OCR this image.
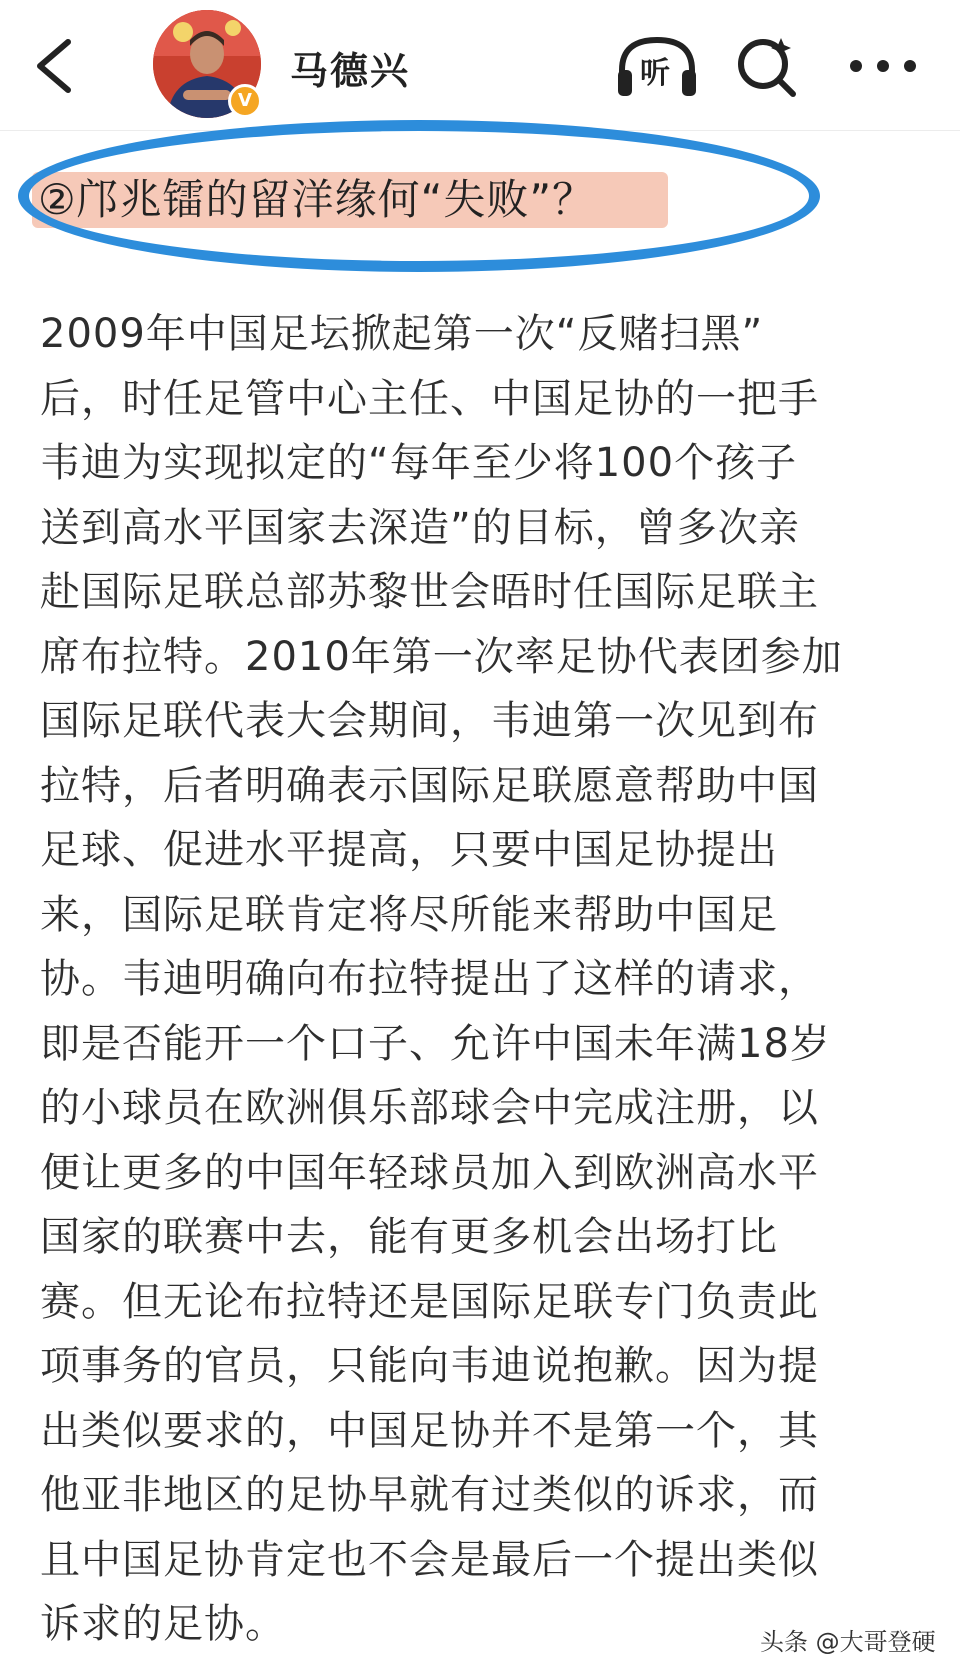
V
马德兴	听
②邝兆镭的留洋缘何“失败”？
2009年中国足坛掀起第一次“反赌扫黑”
后，时任足管中心主任、中国足协的一把手
韦迪为实现拟定的“每年至少将100个孩子
送到高水平国家去深造”的目标，曾多次亲
赴国际足联总部苏黎世会晤时任国际足联主
席布拉特。2010年第一次率足协代表团参加
国际足联代表大会期间，韦迪第一次见到布
拉特，后者明确表示国际足联愿意帮助中国
足球、促进水平提高，只要中国足协提出
来，国际足联肯定将尽所能来帮助中国足
协。韦迪明确向布拉特提出了这样的请求，
即是否能开一个口子、允许中国未年满18岁
的小球员在欧洲俱乐部球会中完成注册，以
便让更多的中国年轻球员加入到欧洲高水平
国家的联赛中去，能有更多机会出场打比
赛。但无论布拉特还是国际足联专门负责此
项事务的官员，只能向韦迪说抱歉。因为提
出类似要求的，中国足协并不是第一个，其
他亚非地区的足协早就有过类似的诉求，而
且中国足协肯定也不会是最后一个提出类似
诉求的足协。	头条 @大哥登硬
